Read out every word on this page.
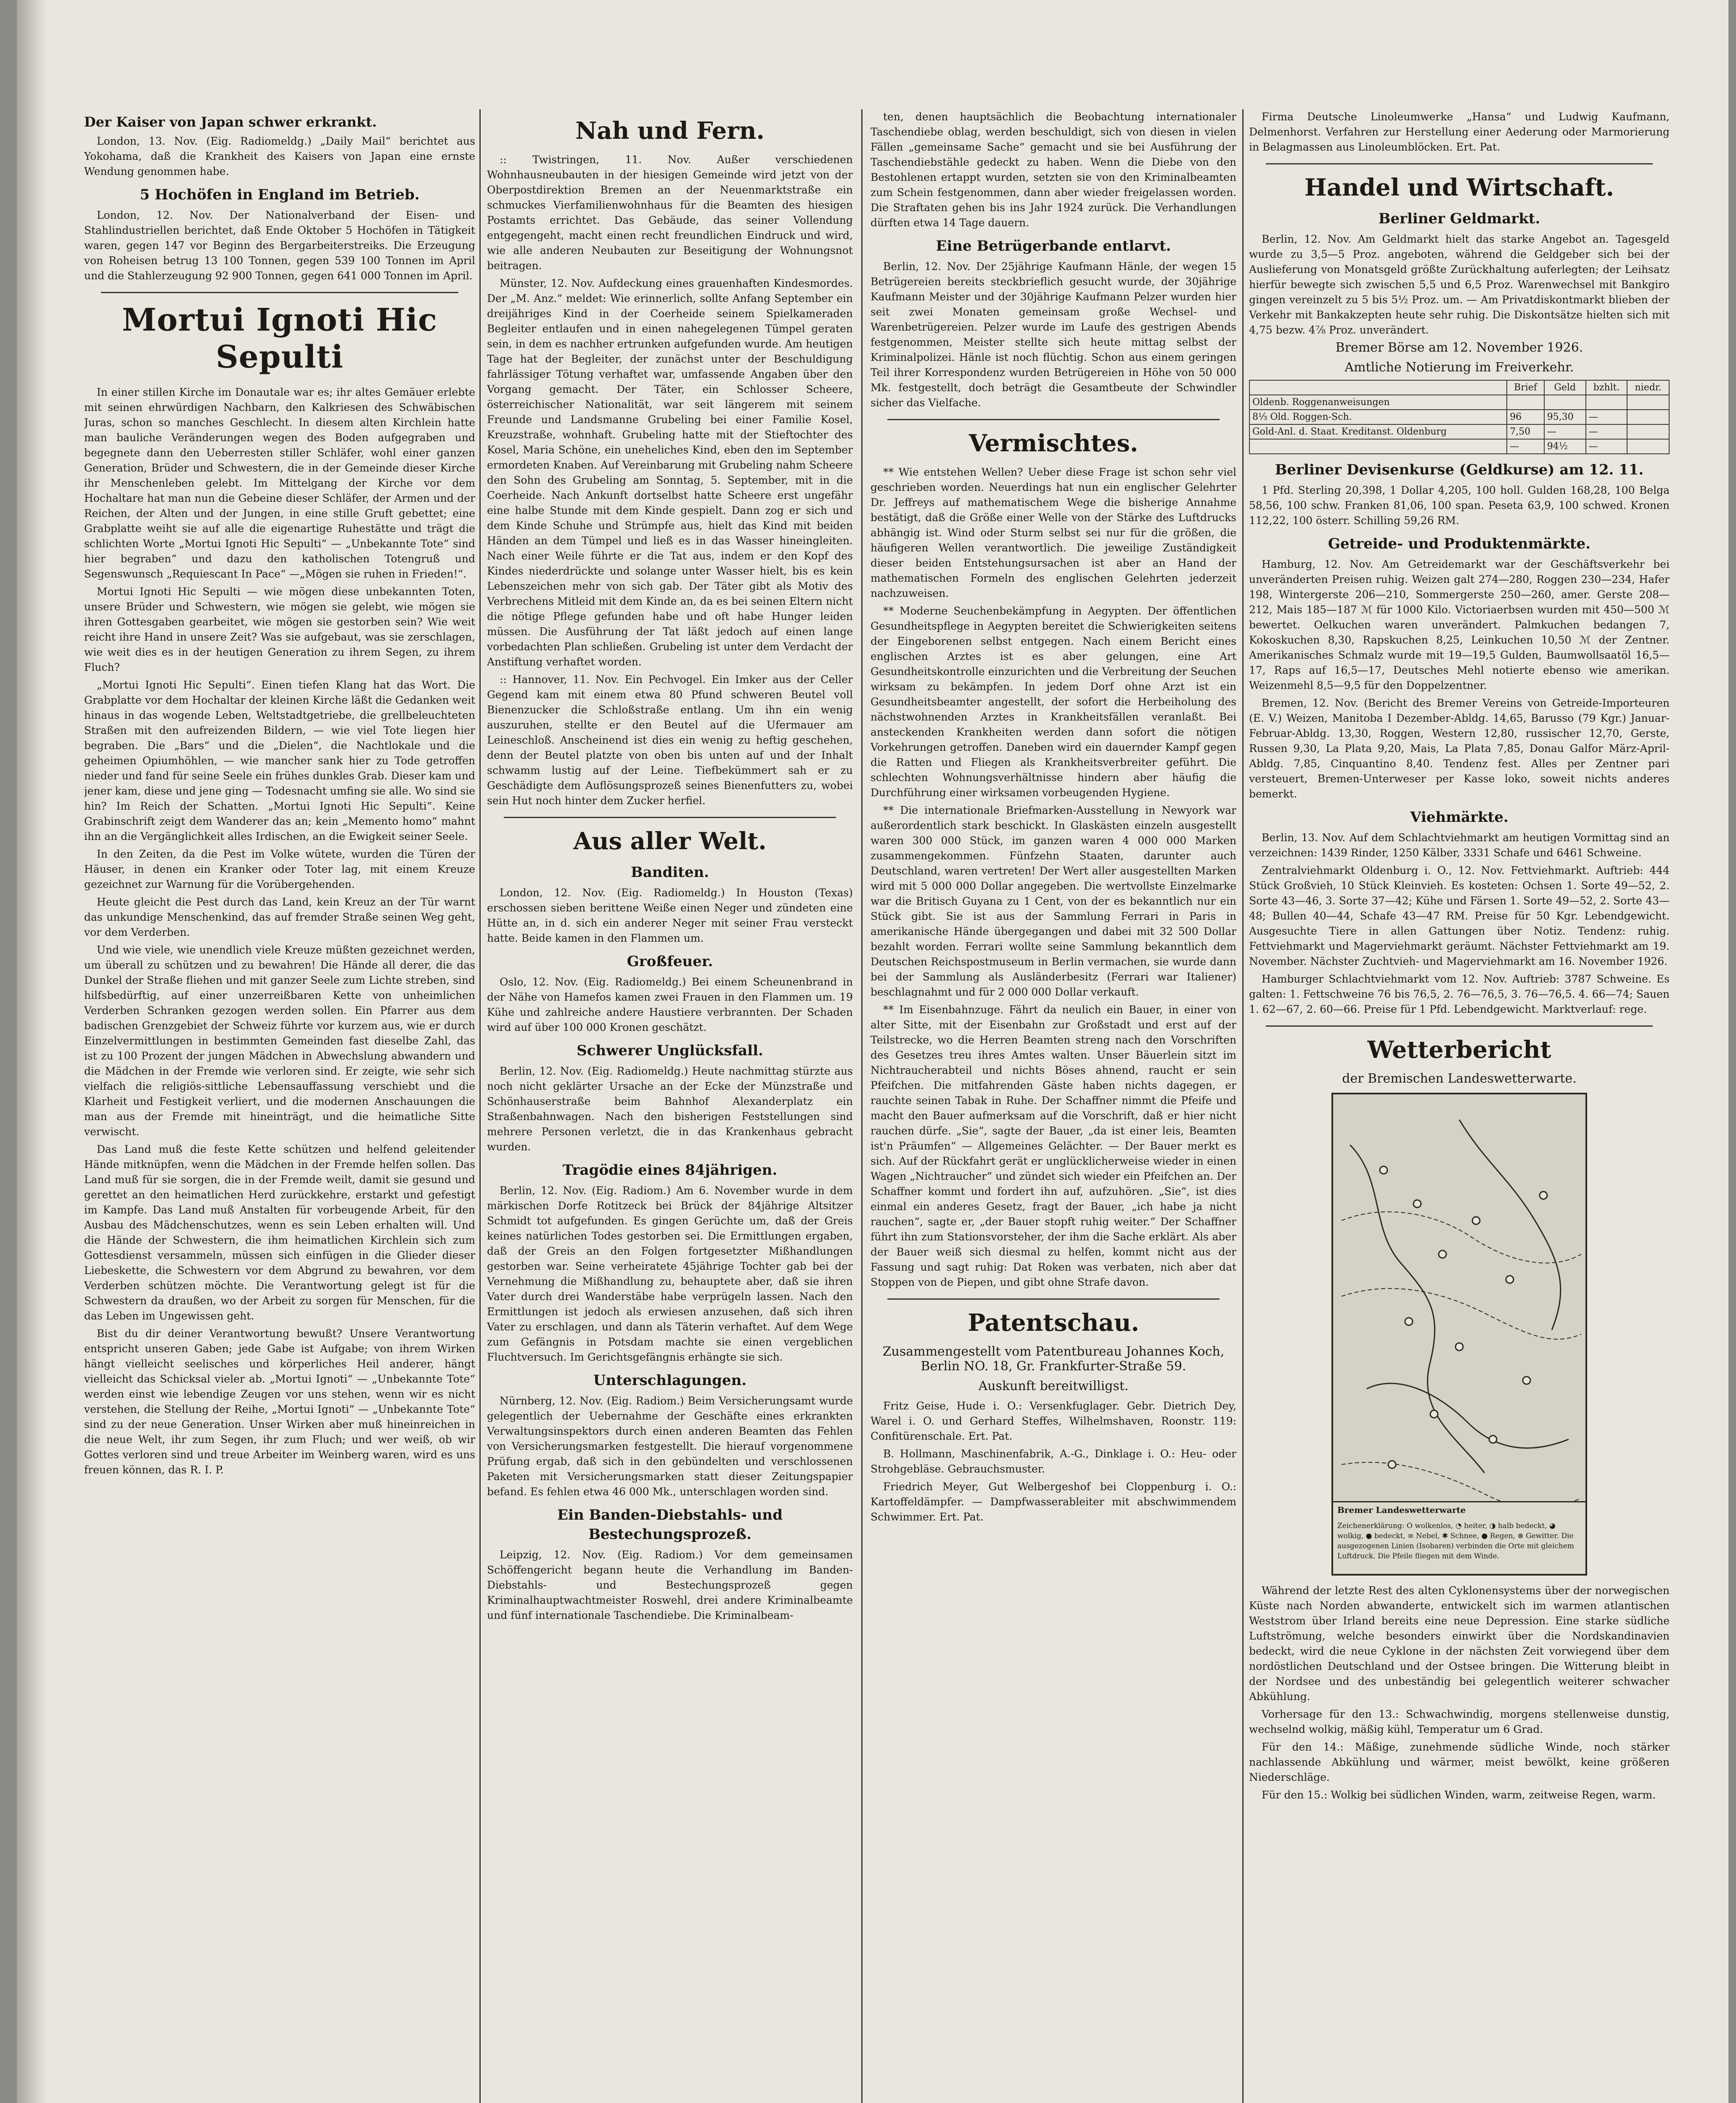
Der Kaiser von Japan schwer erkrankt.
London, 13. Nov. (Eig. Radiomeldg.) „Daily Mail“ berichtet aus Yokohama, daß die Krankheit des Kaisers von Japan eine ernste Wendung genommen habe.
5 Hochöfen in England im Betrieb.
London, 12. Nov. Der Nationalverband der Eisen- und Stahlindustriellen berichtet, daß Ende Oktober 5 Hochöfen in Tätigkeit waren, gegen 147 vor Beginn des Bergarbeiterstreiks. Die Erzeugung von Roheisen betrug 13 100 Tonnen, gegen 539 100 Tonnen im April und die Stahlerzeugung 92 900 Tonnen, gegen 641 000 Tonnen im April.
Mortui Ignoti Hic Sepulti
In einer stillen Kirche im Donautale war es; ihr altes Gemäuer erlebte mit seinen ehrwürdigen Nachbarn, den Kalkriesen des Schwäbischen Juras, schon so manches Geschlecht. In diesem alten Kirchlein hatte man bauliche Veränderungen wegen des Boden aufgegraben und begegnete dann den Ueberresten stiller Schläfer, wohl einer ganzen Generation, Brüder und Schwestern, die in der Gemeinde dieser Kirche ihr Menschenleben gelebt. Im Mittelgang der Kirche vor dem Hochaltare hat man nun die Gebeine dieser Schläfer, der Armen und der Reichen, der Alten und der Jungen, in eine stille Gruft gebettet; eine Grabplatte weiht sie auf alle die eigenartige Ruhestätte und trägt die schlichten Worte „Mortui Ignoti Hic Sepulti“ — „Unbekannte Tote“ sind hier begraben“ und dazu den katholischen Totengruß und Segenswunsch „Requiescant In Pace“ —„Mögen sie ruhen in Frieden!“.
Mortui Ignoti Hic Sepulti — wie mögen diese unbekannten Toten, unsere Brüder und Schwestern, wie mögen sie gelebt, wie mögen sie ihren Gottesgaben gearbeitet, wie mögen sie gestorben sein? Wie weit reicht ihre Hand in unsere Zeit? Was sie aufgebaut, was sie zerschlagen, wie weit dies es in der heutigen Generation zu ihrem Segen, zu ihrem Fluch?
„Mortui Ignoti Hic Sepulti“. Einen tiefen Klang hat das Wort. Die Grabplatte vor dem Hochaltar der kleinen Kirche läßt die Gedanken weit hinaus in das wogende Leben, Weltstadtgetriebe, die grellbeleuchteten Straßen mit den aufreizenden Bildern, — wie viel Tote liegen hier begraben. Die „Bars“ und die „Dielen“, die Nachtlokale und die geheimen Opiumhöhlen, — wie mancher sank hier zu Tode getroffen nieder und fand für seine Seele ein frühes dunkles Grab. Dieser kam und jener kam, diese und jene ging — Todesnacht umfing sie alle. Wo sind sie hin? Im Reich der Schatten. „Mortui Ignoti Hic Sepulti“. Keine Grabinschrift zeigt dem Wanderer das an; kein „Memento homo“ mahnt ihn an die Vergänglichkeit alles Irdischen, an die Ewigkeit seiner Seele.
In den Zeiten, da die Pest im Volke wütete, wurden die Türen der Häuser, in denen ein Kranker oder Toter lag, mit einem Kreuze gezeichnet zur Warnung für die Vorübergehenden.
Heute gleicht die Pest durch das Land, kein Kreuz an der Tür warnt das unkundige Menschenkind, das auf fremder Straße seinen Weg geht, vor dem Verderben.
Und wie viele, wie unendlich viele Kreuze müßten gezeichnet werden, um überall zu schützen und zu bewahren! Die Hände all derer, die das Dunkel der Straße fliehen und mit ganzer Seele zum Lichte streben, sind hilfsbedürftig, auf einer unzerreißbaren Kette von unheimlichen Verderben Schranken gezogen werden sollen. Ein Pfarrer aus dem badischen Grenzgebiet der Schweiz führte vor kurzem aus, wie er durch Einzelvermittlungen in bestimmten Gemeinden fast dieselbe Zahl, das ist zu 100 Prozent der jungen Mädchen in Abwechslung abwandern und die Mädchen in der Fremde wie verloren sind. Er zeigte, wie sehr sich vielfach die religiös-sittliche Lebensauffassung verschiebt und die Klarheit und Festigkeit verliert, und die modernen Anschauungen die man aus der Fremde mit hineinträgt, und die heimatliche Sitte verwischt.
Das Land muß die feste Kette schützen und helfend geleitender Hände mitknüpfen, wenn die Mädchen in der Fremde helfen sollen. Das Land muß für sie sorgen, die in der Fremde weilt, damit sie gesund und gerettet an den heimatlichen Herd zurückkehre, erstarkt und gefestigt im Kampfe. Das Land muß Anstalten für vorbeugende Arbeit, für den Ausbau des Mädchenschutzes, wenn es sein Leben erhalten will. Und die Hände der Schwestern, die ihm heimatlichen Kirchlein sich zum Gottesdienst versammeln, müssen sich einfügen in die Glieder dieser Liebeskette, die Schwestern vor dem Abgrund zu bewahren, vor dem Verderben schützen möchte. Die Verantwortung gelegt ist für die Schwestern da draußen, wo der Arbeit zu sorgen für Menschen, für die das Leben im Ungewissen geht.
Bist du dir deiner Verantwortung bewußt? Unsere Verantwortung entspricht unseren Gaben; jede Gabe ist Aufgabe; von ihrem Wirken hängt vielleicht seelisches und körperliches Heil anderer, hängt vielleicht das Schicksal vieler ab. „Mortui Ignoti“ — „Unbekannte Tote“ werden einst wie lebendige Zeugen vor uns stehen, wenn wir es nicht verstehen, die Stellung der Reihe, „Mortui Ignoti“ — „Unbekannte Tote“ sind zu der neue Generation. Unser Wirken aber muß hineinreichen in die neue Welt, ihr zum Segen, ihr zum Fluch; und wer weiß, ob wir Gottes verloren sind und treue Arbeiter im Weinberg waren, wird es uns freuen können, das R. I. P.
Nah und Fern.
:: Twistringen, 11. Nov. Außer verschiedenen Wohnhausneubauten in der hiesigen Gemeinde wird jetzt von der Oberpostdirektion Bremen an der Neuenmarktstraße ein schmuckes Vierfamilienwohnhaus für die Beamten des hiesigen Postamts errichtet. Das Gebäude, das seiner Vollendung entgegengeht, macht einen recht freundlichen Eindruck und wird, wie alle anderen Neubauten zur Beseitigung der Wohnungsnot beitragen.
Münster, 12. Nov. Aufdeckung eines grauenhaften Kindesmordes. Der „M. Anz.“ meldet: Wie erinnerlich, sollte Anfang September ein dreijähriges Kind in der Coerheide seinem Spielkameraden Begleiter entlaufen und in einen nahegelegenen Tümpel geraten sein, in dem es nachher ertrunken aufgefunden wurde. Am heutigen Tage hat der Begleiter, der zunächst unter der Beschuldigung fahrlässiger Tötung verhaftet war, umfassende Angaben über den Vorgang gemacht. Der Täter, ein Schlosser Scheere, österreichischer Nationalität, war seit längerem mit seinem Freunde und Landsmanne Grubeling bei einer Familie Kosel, Kreuzstraße, wohnhaft. Grubeling hatte mit der Stieftochter des Kosel, Maria Schöne, ein uneheliches Kind, eben den im September ermordeten Knaben. Auf Vereinbarung mit Grubeling nahm Scheere den Sohn des Grubeling am Sonntag, 5. September, mit in die Coerheide. Nach Ankunft dortselbst hatte Scheere erst ungefähr eine halbe Stunde mit dem Kinde gespielt. Dann zog er sich und dem Kinde Schuhe und Strümpfe aus, hielt das Kind mit beiden Händen an dem Tümpel und ließ es in das Wasser hineingleiten. Nach einer Weile führte er die Tat aus, indem er den Kopf des Kindes niederdrückte und solange unter Wasser hielt, bis es kein Lebenszeichen mehr von sich gab. Der Täter gibt als Motiv des Verbrechens Mitleid mit dem Kinde an, da es bei seinen Eltern nicht die nötige Pflege gefunden habe und oft habe Hunger leiden müssen. Die Ausführung der Tat läßt jedoch auf einen lange vorbedachten Plan schließen. Grubeling ist unter dem Verdacht der Anstiftung verhaftet worden.
:: Hannover, 11. Nov. Ein Pechvogel. Ein Imker aus der Celler Gegend kam mit einem etwa 80 Pfund schweren Beutel voll Bienenzucker die Schloßstraße entlang. Um ihn ein wenig auszuruhen, stellte er den Beutel auf die Ufermauer am Leineschloß. Anscheinend ist dies ein wenig zu heftig geschehen, denn der Beutel platzte von oben bis unten auf und der Inhalt schwamm lustig auf der Leine. Tiefbekümmert sah er zu Geschädigte dem Auflösungsprozeß seines Bienenfutters zu, wobei sein Hut noch hinter dem Zucker herfiel.
Aus aller Welt.
Banditen.
London, 12. Nov. (Eig. Radiomeldg.) In Houston (Texas) erschossen sieben berittene Weiße einen Neger und zündeten eine Hütte an, in d. sich ein anderer Neger mit seiner Frau versteckt hatte. Beide kamen in den Flammen um.
Großfeuer.
Oslo, 12. Nov. (Eig. Radiomeldg.) Bei einem Scheunenbrand in der Nähe von Hamefos kamen zwei Frauen in den Flammen um. 19 Kühe und zahlreiche andere Haustiere verbrannten. Der Schaden wird auf über 100 000 Kronen geschätzt.
Schwerer Unglücksfall.
Berlin, 12. Nov. (Eig. Radiomeldg.) Heute nachmittag stürzte aus noch nicht geklärter Ursache an der Ecke der Münzstraße und Schönhauserstraße beim Bahnhof Alexanderplatz ein Straßenbahnwagen. Nach den bisherigen Feststellungen sind mehrere Personen verletzt, die in das Krankenhaus gebracht wurden.
Tragödie eines 84jährigen.
Berlin, 12. Nov. (Eig. Radiom.) Am 6. November wurde in dem märkischen Dorfe Rotitzeck bei Brück der 84jährige Altsitzer Schmidt tot aufgefunden. Es gingen Gerüchte um, daß der Greis keines natürlichen Todes gestorben sei. Die Ermittlungen ergaben, daß der Greis an den Folgen fortgesetzter Mißhandlungen gestorben war. Seine verheiratete 45jährige Tochter gab bei der Vernehmung die Mißhandlung zu, behauptete aber, daß sie ihren Vater durch drei Wanderstäbe habe verprügeln lassen. Nach den Ermittlungen ist jedoch als erwiesen anzusehen, daß sich ihren Vater zu erschlagen, und dann als Täterin verhaftet. Auf dem Wege zum Gefängnis in Potsdam machte sie einen vergeblichen Fluchtversuch. Im Gerichtsgefängnis erhängte sie sich.
Unterschlagungen.
Nürnberg, 12. Nov. (Eig. Radiom.) Beim Versicherungsamt wurde gelegentlich der Uebernahme der Geschäfte eines erkrankten Verwaltungsinspektors durch einen anderen Beamten das Fehlen von Versicherungsmarken festgestellt. Die hierauf vorgenommene Prüfung ergab, daß sich in den gebündelten und verschlossenen Paketen mit Versicherungsmarken statt dieser Zeitungspapier befand. Es fehlen etwa 46 000 Mk., unterschlagen worden sind.
Ein Banden-Diebstahls- und Bestechungsprozeß.
Leipzig, 12. Nov. (Eig. Radiom.) Vor dem gemeinsamen Schöffengericht begann heute die Verhandlung im Banden-Diebstahls- und Bestechungsprozeß gegen Kriminalhauptwachtmeister Roswehl, drei andere Kriminalbeamte und fünf internationale Taschendiebe. Die Kriminalbeam-
ten, denen hauptsächlich die Beobachtung internationaler Taschendiebe oblag, werden beschuldigt, sich von diesen in vielen Fällen „gemeinsame Sache“ gemacht und sie bei Ausführung der Taschendiebstähle gedeckt zu haben. Wenn die Diebe von den Bestohlenen ertappt wurden, setzten sie von den Kriminalbeamten zum Schein festgenommen, dann aber wieder freigelassen worden. Die Straftaten gehen bis ins Jahr 1924 zurück. Die Verhandlungen dürften etwa 14 Tage dauern.
Eine Betrügerbande entlarvt.
Berlin, 12. Nov. Der 25jährige Kaufmann Hänle, der wegen 15 Betrügereien bereits steckbrieflich gesucht wurde, der 30jährige Kaufmann Meister und der 30jährige Kaufmann Pelzer wurden hier seit zwei Monaten gemeinsam große Wechsel- und Warenbetrügereien. Pelzer wurde im Laufe des gestrigen Abends festgenommen, Meister stellte sich heute mittag selbst der Kriminalpolizei. Hänle ist noch flüchtig. Schon aus einem geringen Teil ihrer Korrespondenz wurden Betrügereien in Höhe von 50 000 Mk. festgestellt, doch beträgt die Gesamtbeute der Schwindler sicher das Vielfache.
Vermischtes.
** Wie entstehen Wellen? Ueber diese Frage ist schon sehr viel geschrieben worden. Neuerdings hat nun ein englischer Gelehrter Dr. Jeffreys auf mathematischem Wege die bisherige Annahme bestätigt, daß die Größe einer Welle von der Stärke des Luftdrucks abhängig ist. Wind oder Sturm selbst sei nur für die größen, die häufigeren Wellen verantwortlich. Die jeweilige Zuständigkeit dieser beiden Entstehungsursachen ist aber an Hand der mathematischen Formeln des englischen Gelehrten jederzeit nachzuweisen.
** Moderne Seuchenbekämpfung in Aegypten. Der öffentlichen Gesundheitspflege in Aegypten bereitet die Schwierigkeiten seitens der Eingeborenen selbst entgegen. Nach einem Bericht eines englischen Arztes ist es aber gelungen, eine Art Gesundheitskontrolle einzurichten und die Verbreitung der Seuchen wirksam zu bekämpfen. In jedem Dorf ohne Arzt ist ein Gesundheitsbeamter angestellt, der sofort die Herbeiholung des nächstwohnenden Arztes in Krankheitsfällen veranlaßt. Bei ansteckenden Krankheiten werden dann sofort die nötigen Vorkehrungen getroffen. Daneben wird ein dauernder Kampf gegen die Ratten und Fliegen als Krankheitsverbreiter geführt. Die schlechten Wohnungsverhältnisse hindern aber häufig die Durchführung einer wirksamen vorbeugenden Hygiene.
** Die internationale Briefmarken-Ausstellung in Newyork war außerordentlich stark beschickt. In Glaskästen einzeln ausgestellt waren 300 000 Stück, im ganzen waren 4 000 000 Marken zusammengekommen. Fünfzehn Staaten, darunter auch Deutschland, waren vertreten! Der Wert aller ausgestellten Marken wird mit 5 000 000 Dollar angegeben. Die wertvollste Einzelmarke war die Britisch Guyana zu 1 Cent, von der es bekanntlich nur ein Stück gibt. Sie ist aus der Sammlung Ferrari in Paris in amerikanische Hände übergegangen und dabei mit 32 500 Dollar bezahlt worden. Ferrari wollte seine Sammlung bekanntlich dem Deutschen Reichspostmuseum in Berlin vermachen, sie wurde dann bei der Sammlung als Ausländerbesitz (Ferrari war Italiener) beschlagnahmt und für 2 000 000 Dollar verkauft.
** Im Eisenbahnzuge. Fährt da neulich ein Bauer, in einer von alter Sitte, mit der Eisenbahn zur Großstadt und erst auf der Teilstrecke, wo die Herren Beamten streng nach den Vorschriften des Gesetzes treu ihres Amtes walten. Unser Bäuerlein sitzt im Nichtraucherabteil und nichts Böses ahnend, raucht er sein Pfeifchen. Die mitfahrenden Gäste haben nichts dagegen, er rauchte seinen Tabak in Ruhe. Der Schaffner nimmt die Pfeife und macht den Bauer aufmerksam auf die Vorschrift, daß er hier nicht rauchen dürfe. „Sie“, sagte der Bauer, „da ist einer leis, Beamten ist'n Präumfen“ — Allgemeines Gelächter. — Der Bauer merkt es sich. Auf der Rückfahrt gerät er unglücklicherweise wieder in einen Wagen „Nichtraucher“ und zündet sich wieder ein Pfeifchen an. Der Schaffner kommt und fordert ihn auf, aufzuhören. „Sie“, ist dies einmal ein anderes Gesetz, fragt der Bauer, „ich habe ja nicht rauchen“, sagte er, „der Bauer stopft ruhig weiter.“ Der Schaffner führt ihn zum Stationsvorsteher, der ihm die Sache erklärt. Als aber der Bauer weiß sich diesmal zu helfen, kommt nicht aus der Fassung und sagt ruhig: Dat Roken was verbaten, nich aber dat Stoppen von de Piepen, und gibt ohne Strafe davon.
Patentschau.
Zusammengestellt vom Patentbureau Johannes Koch, Berlin NO. 18, Gr. Frankfurter-Straße 59.
Auskunft bereitwilligst.
Fritz Geise, Hude i. O.: Versenkfuglager. Gebr. Dietrich Dey, Warel i. O. und Gerhard Steffes, Wilhelmshaven, Roonstr. 119: Confitürenschale. Ert. Pat.
B. Hollmann, Maschinenfabrik, A.-G., Dinklage i. O.: Heu- oder Strohgebläse. Gebrauchsmuster.
Friedrich Meyer, Gut Welbergeshof bei Cloppenburg i. O.: Kartoffeldämpfer. — Dampfwasserableiter mit abschwimmendem Schwimmer. Ert. Pat.
Firma Deutsche Linoleumwerke „Hansa“ und Ludwig Kaufmann, Delmenhorst. Verfahren zur Herstellung einer Aederung oder Marmorierung in Belagmassen aus Linoleumblöcken. Ert. Pat.
Handel und Wirtschaft.
Berliner Geldmarkt.
Berlin, 12. Nov. Am Geldmarkt hielt das starke Angebot an. Tagesgeld wurde zu 3,5—5 Proz. angeboten, während die Geldgeber sich bei der Auslieferung von Monatsgeld größte Zurückhaltung auferlegten; der Leihsatz hierfür bewegte sich zwischen 5,5 und 6,5 Proz. Warenwechsel mit Bankgiro gingen vereinzelt zu 5 bis 5½ Proz. um. — Am Privatdiskontmarkt blieben der Verkehr mit Bankakzepten heute sehr ruhig. Die Diskontsätze hielten sich mit 4,75 bezw. 4⅞ Proz. unverändert.
Bremer Börse am 12. November 1926.
Amtliche Notierung im Freiverkehr.
	Brief	Geld	bzhlt.	niedr.
Oldenb. Roggenanweisungen				
8⅓ Old. Roggen-Sch.	96	95,30	—	
Gold-Anl. d. Staat. Kreditanst. Oldenburg	7,50	—	—	
	—	94½	—	
Berliner Devisenkurse (Geldkurse) am 12. 11.
1 Pfd. Sterling 20,398, 1 Dollar 4,205, 100 holl. Gulden 168,28, 100 Belga 58,56, 100 schw. Franken 81,06, 100 span. Peseta 63,9, 100 schwed. Kronen 112,22, 100 österr. Schilling 59,26 RM.
Getreide- und Produktenmärkte.
Hamburg, 12. Nov. Am Getreidemarkt war der Geschäftsverkehr bei unveränderten Preisen ruhig. Weizen galt 274—280, Roggen 230—234, Hafer 198, Wintergerste 206—210, Sommergerste 250—260, amer. Gerste 208—212, Mais 185—187 ℳ für 1000 Kilo. Victoriaerbsen wurden mit 450—500 ℳ bewertet. Oelkuchen waren unverändert. Palmkuchen bedangen 7, Kokoskuchen 8,30, Rapskuchen 8,25, Leinkuchen 10,50 ℳ der Zentner. Amerikanisches Schmalz wurde mit 19—19,5 Gulden, Baumwollsaatöl 16,5—17, Raps auf 16,5—17, Deutsches Mehl notierte ebenso wie amerikan. Weizenmehl 8,5—9,5 für den Doppelzentner.
Bremen, 12. Nov. (Bericht des Bremer Vereins von Getreide-Importeuren (E. V.) Weizen, Manitoba I Dezember-Abldg. 14,65, Barusso (79 Kgr.) Januar-Februar-Abldg. 13,30, Roggen, Western 12,80, russischer 12,70, Gerste, Russen 9,30, La Plata 9,20, Mais, La Plata 7,85, Donau Galfor März-April-Abldg. 7,85, Cinquantino 8,40. Tendenz fest. Alles per Zentner pari versteuert, Bremen-Unterweser per Kasse loko, soweit nichts anderes bemerkt.
Viehmärkte.
Berlin, 13. Nov. Auf dem Schlachtviehmarkt am heutigen Vormittag sind an verzeichnen: 1439 Rinder, 1250 Kälber, 3331 Schafe und 6461 Schweine.
Zentralviehmarkt Oldenburg i. O., 12. Nov. Fettviehmarkt. Auftrieb: 444 Stück Großvieh, 10 Stück Kleinvieh. Es kosteten: Ochsen 1. Sorte 49—52, 2. Sorte 43—46, 3. Sorte 37—42; Kühe und Färsen 1. Sorte 49—52, 2. Sorte 43—48; Bullen 40—44, Schafe 43—47 RM. Preise für 50 Kgr. Lebendgewicht. Ausgesuchte Tiere in allen Gattungen über Notiz. Tendenz: ruhig. Fettviehmarkt und Magerviehmarkt geräumt. Nächster Fettviehmarkt am 19. November. Nächster Zuchtvieh- und Magerviehmarkt am 16. November 1926.
Hamburger Schlachtviehmarkt vom 12. Nov. Auftrieb: 3787 Schweine. Es galten: 1. Fettschweine 76 bis 76,5, 2. 76—76,5, 3. 76—76,5. 4. 66—74; Sauen 1. 62—67, 2. 60—66. Preise für 1 Pfd. Lebendgewicht. Marktverlauf: rege.
Wetterbericht
der Bremischen Landeswetterwarte.
Bremer Landeswetterwarte
Zeichenerklärung: O wolkenlos, ◔ heiter, ◑ halb bedeckt, ◕ wolkig, ● bedeckt, ≡ Nebel, ✱ Schnee, ● Regen, ⊗ Gewitter. Die ausgezogenen Linien (Isobaren) verbinden die Orte mit gleichem Luftdruck. Die Pfeile fliegen mit dem Winde.
Während der letzte Rest des alten Cyklonensystems über der norwegischen Küste nach Norden abwanderte, entwickelt sich im warmen atlantischen Weststrom über Irland bereits eine neue Depression. Eine starke südliche Luftströmung, welche besonders einwirkt über die Nordskandinavien bedeckt, wird die neue Cyklone in der nächsten Zeit vorwiegend über dem nordöstlichen Deutschland und der Ostsee bringen. Die Witterung bleibt in der Nordsee und des unbeständig bei gelegentlich weiterer schwacher Abkühlung.
Vorhersage für den 13.: Schwachwindig, morgens stellenweise dunstig, wechselnd wolkig, mäßig kühl, Temperatur um 6 Grad.
Für den 14.: Mäßige, zunehmende südliche Winde, noch stärker nachlassende Abkühlung und wärmer, meist bewölkt, keine größeren Niederschläge.
Für den 15.: Wolkig bei südlichen Winden, warm, zeitweise Regen, warm.
